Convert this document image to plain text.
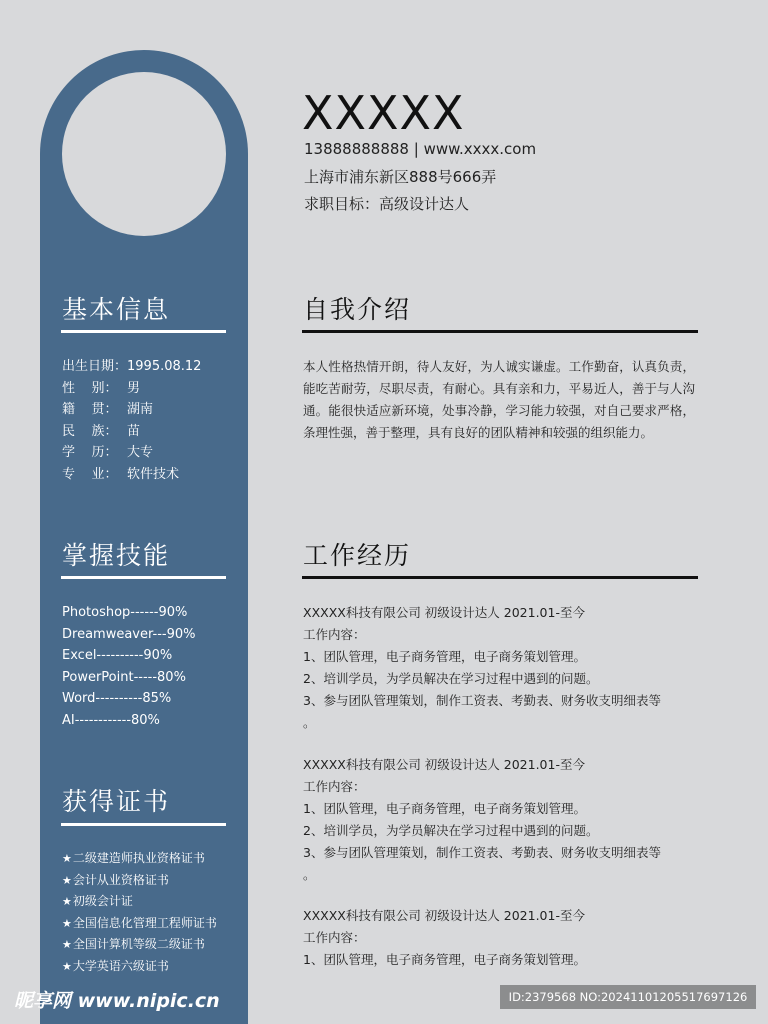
基本信息
出生日期：1995.08.12
性    别： 男
籍    贯： 湖南
民    族： 苗
学    历： 大专
专    业： 软件技术
掌握技能
Photoshop------90%
Dreamweaver---90%
Excel----------90%
PowerPoint-----80%
Word----------85%
AI------------80%
获得证书
★二级建造师执业资格证书
★会计从业资格证书
★初级会计证
★全国信息化管理工程师证书
★全国计算机等级二级证书
★大学英语六级证书
XXXXX
13888888888 | www.xxxx.com
上海市浦东新区888号666弄
求职目标：高级设计达人
自我介绍

本人性格热情开朗，待人友好，为人诚实谦虚。工作勤奋，认真负责，能吃苦耐劳，尽职尽责，有耐心。具有亲和力，平易近人，善于与人沟通。能很快适应新环境，处事冷静，学习能力较强，对自己要求严格，条理性强，善于整理，具有良好的团队精神和较强的组织能力。

工作经历
XXXXX科技有限公司 初级设计达人 2021.01-至今
工作内容：
1、团队管理，电子商务管理，电子商务策划管理。
2、培训学员，为学员解决在学习过程中遇到的问题。
3、参与团队管理策划，制作工资表、考勤表、财务收支明细表等
。
XXXXX科技有限公司 初级设计达人 2021.01-至今
工作内容：
1、团队管理，电子商务管理，电子商务策划管理。
2、培训学员，为学员解决在学习过程中遇到的问题。
3、参与团队管理策划，制作工资表、考勤表、财务收支明细表等
。
XXXXX科技有限公司 初级设计达人 2021.01-至今
工作内容：
1、团队管理，电子商务管理，电子商务策划管理。
昵享网 www.nipic.cn	ID:2379568 NO:20241101205517697126
